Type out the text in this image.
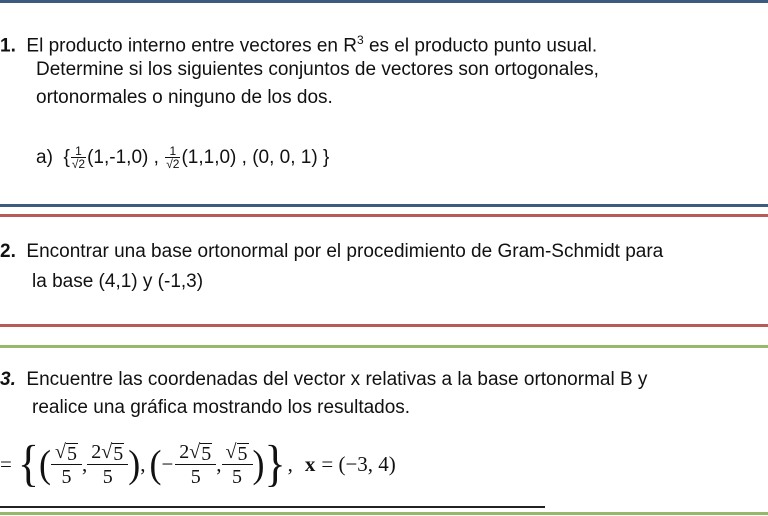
1. El producto interno entre vectores en $R^3$ es el producto punto usual.
Determine si los siguientes conjuntos de vectores son ortogonales,
ortonormales o ninguno de los dos.
a) { $\frac{1}{√2} (1,-1,0)$ , $\frac{1}{√2} (1,1,0)$ , (0, 0, 1) }
2. Encontrar una base ortonormal por el procedimiento de Gram-Schmidt para
la base (4,1) y (-1,3)
3. Encuentre las coordenadas del vector x relativas a la base ortonormal B y
realice una gráfica mostrando los resultados.
= { ( √ 5
5
, 2 √ 5
5 ) , ( − $\frac{2 √ 5}{5}$ , √ 5
5 ) } , x = (−3, 4)
